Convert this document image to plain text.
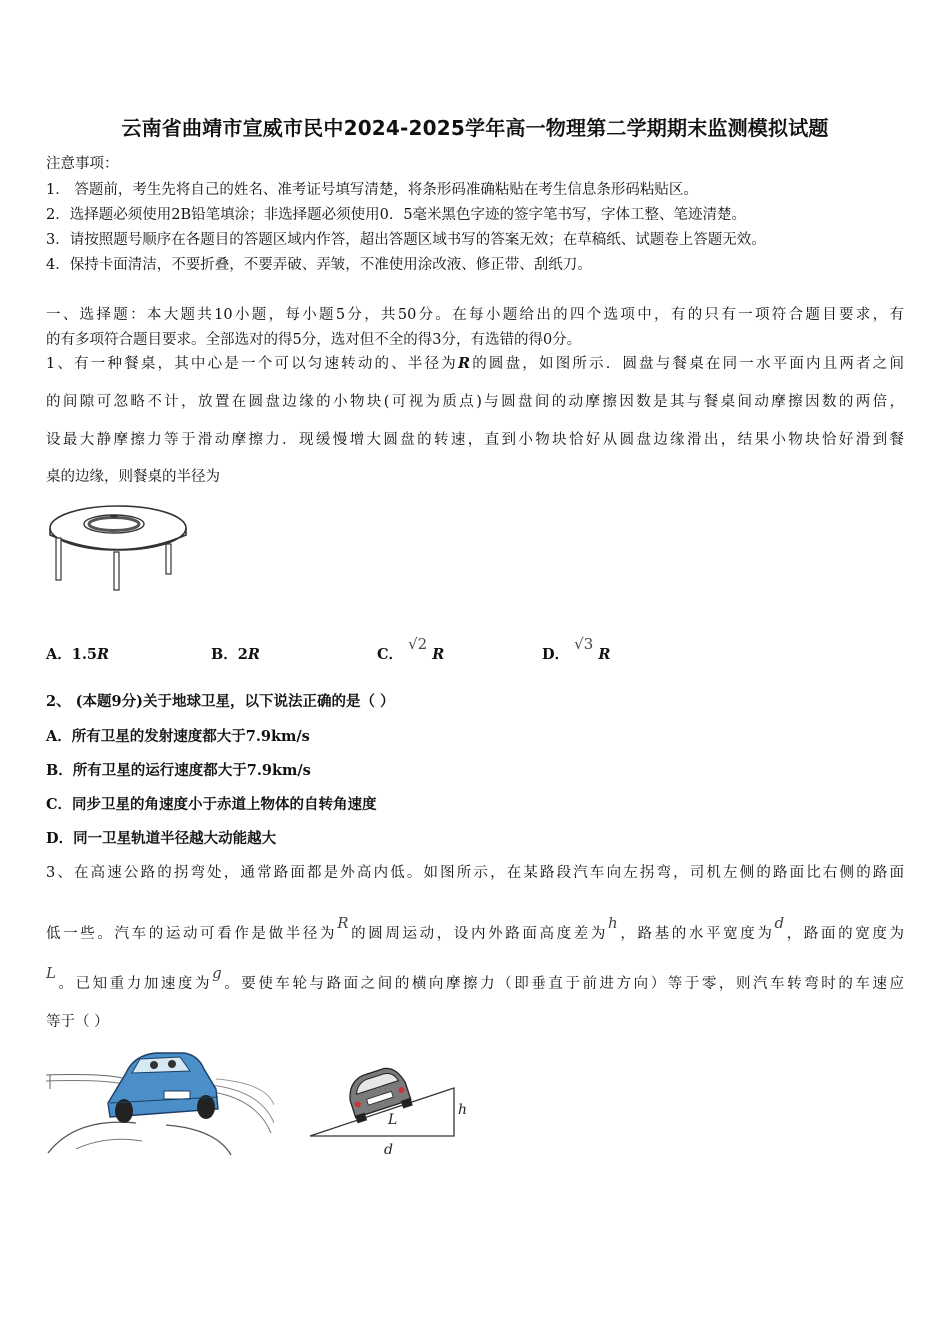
云南省曲靖市宣威市民中2024-2025学年高一物理第二学期期末监测模拟试题
注意事项：
1． 答题前，考生先将自己的姓名、准考证号填写清楚，将条形码准确粘贴在考生信息条形码粘贴区。
2．选择题必须使用2B铅笔填涂；非选择题必须使用0．5毫米黑色字迹的签字笔书写，字体工整、笔迹清楚。
3．请按照题号顺序在各题目的答题区域内作答，超出答题区域书写的答案无效；在草稿纸、试题卷上答题无效。
4．保持卡面清洁，不要折叠，不要弄破、弄皱，不准使用涂改液、修正带、刮纸刀。
一、选择题：本大题共10小题，每小题5分，共50分。在每小题给出的四个选项中，有的只有一项符合题目要求，有
的有多项符合题目要求。全部选对的得5分，选对但不全的得3分，有选错的得0分。
1、有一种餐桌，其中心是一个可以匀速转动的、半径为R的圆盘，如图所示．圆盘与餐桌在同一水平面内且两者之间
的间隙可忽略不计，放置在圆盘边缘的小物块(可视为质点)与圆盘间的动摩擦因数是其与餐桌间动摩擦因数的两倍，
设最大静摩擦力等于滑动摩擦力．现缓慢增大圆盘的转速，直到小物块恰好从圆盘边缘滑出，结果小物块恰好滑到餐
桌的边缘，则餐桌的半径为
A．1.5R	B．2R	C． √2 R	D． √3 R
2、 (本题9分)关于地球卫星，以下说法正确的是（ ）
A．所有卫星的发射速度都大于7.9km/s
B．所有卫星的运行速度都大于7.9km/s
C．同步卫星的角速度小于赤道上物体的自转角速度
D．同一卫星轨道半径越大动能越大
3、在高速公路的拐弯处，通常路面都是外高内低。如图所示，在某路段汽车向左拐弯，司机左侧的路面比右侧的路面
低一些。汽车的运动可看作是做半径为R的圆周运动，设内外路面高度差为h，路基的水平宽度为d，路面的宽度为
L。已知重力加速度为g。要使车轮与路面之间的横向摩擦力（即垂直于前进方向）等于零，则汽车转弯时的车速应
等于（ ）
L
h
d
